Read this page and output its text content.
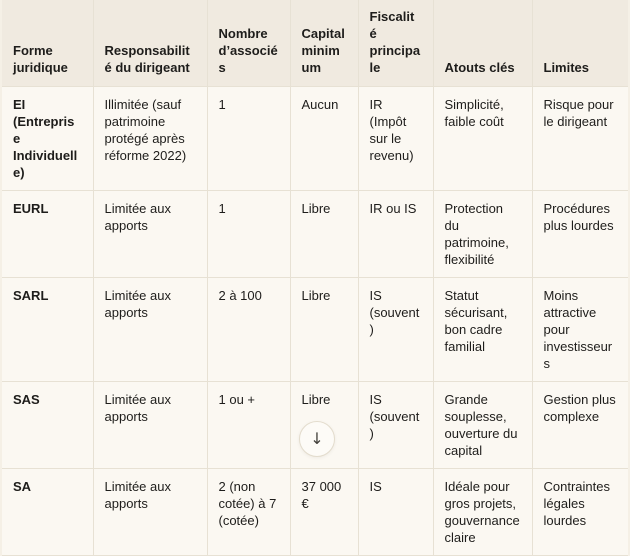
Forme juridique	Responsabilité du dirigeant	Nombre d’associés	Capital minimum	Fiscalité principale	Atouts clés	Limites
EI (Entreprise Individuelle)	Illimitée (sauf patrimoine protégé après réforme 2022)	1	Aucun	IR (Impôt sur le revenu)	Simplicité, faible coût	Risque pour le dirigeant
EURL	Limitée aux apports	1	Libre	IR ou IS	Protection du patrimoine, flexibilité	Procédures plus lourdes
SARL	Limitée aux apports	2 à 100	Libre	IS (souvent)	Statut sécurisant, bon cadre familial	Moins attractive pour investisseurs
SAS	Limitée aux apports	1 ou +	Libre	IS (souvent)	Grande souplesse, ouverture du capital	Gestion plus complexe
SA	Limitée aux apports	2 (non cotée) à 7 (cotée)	37 000 €	IS	Idéale pour gros projets, gouvernance claire	Contraintes légales lourdes
↓
